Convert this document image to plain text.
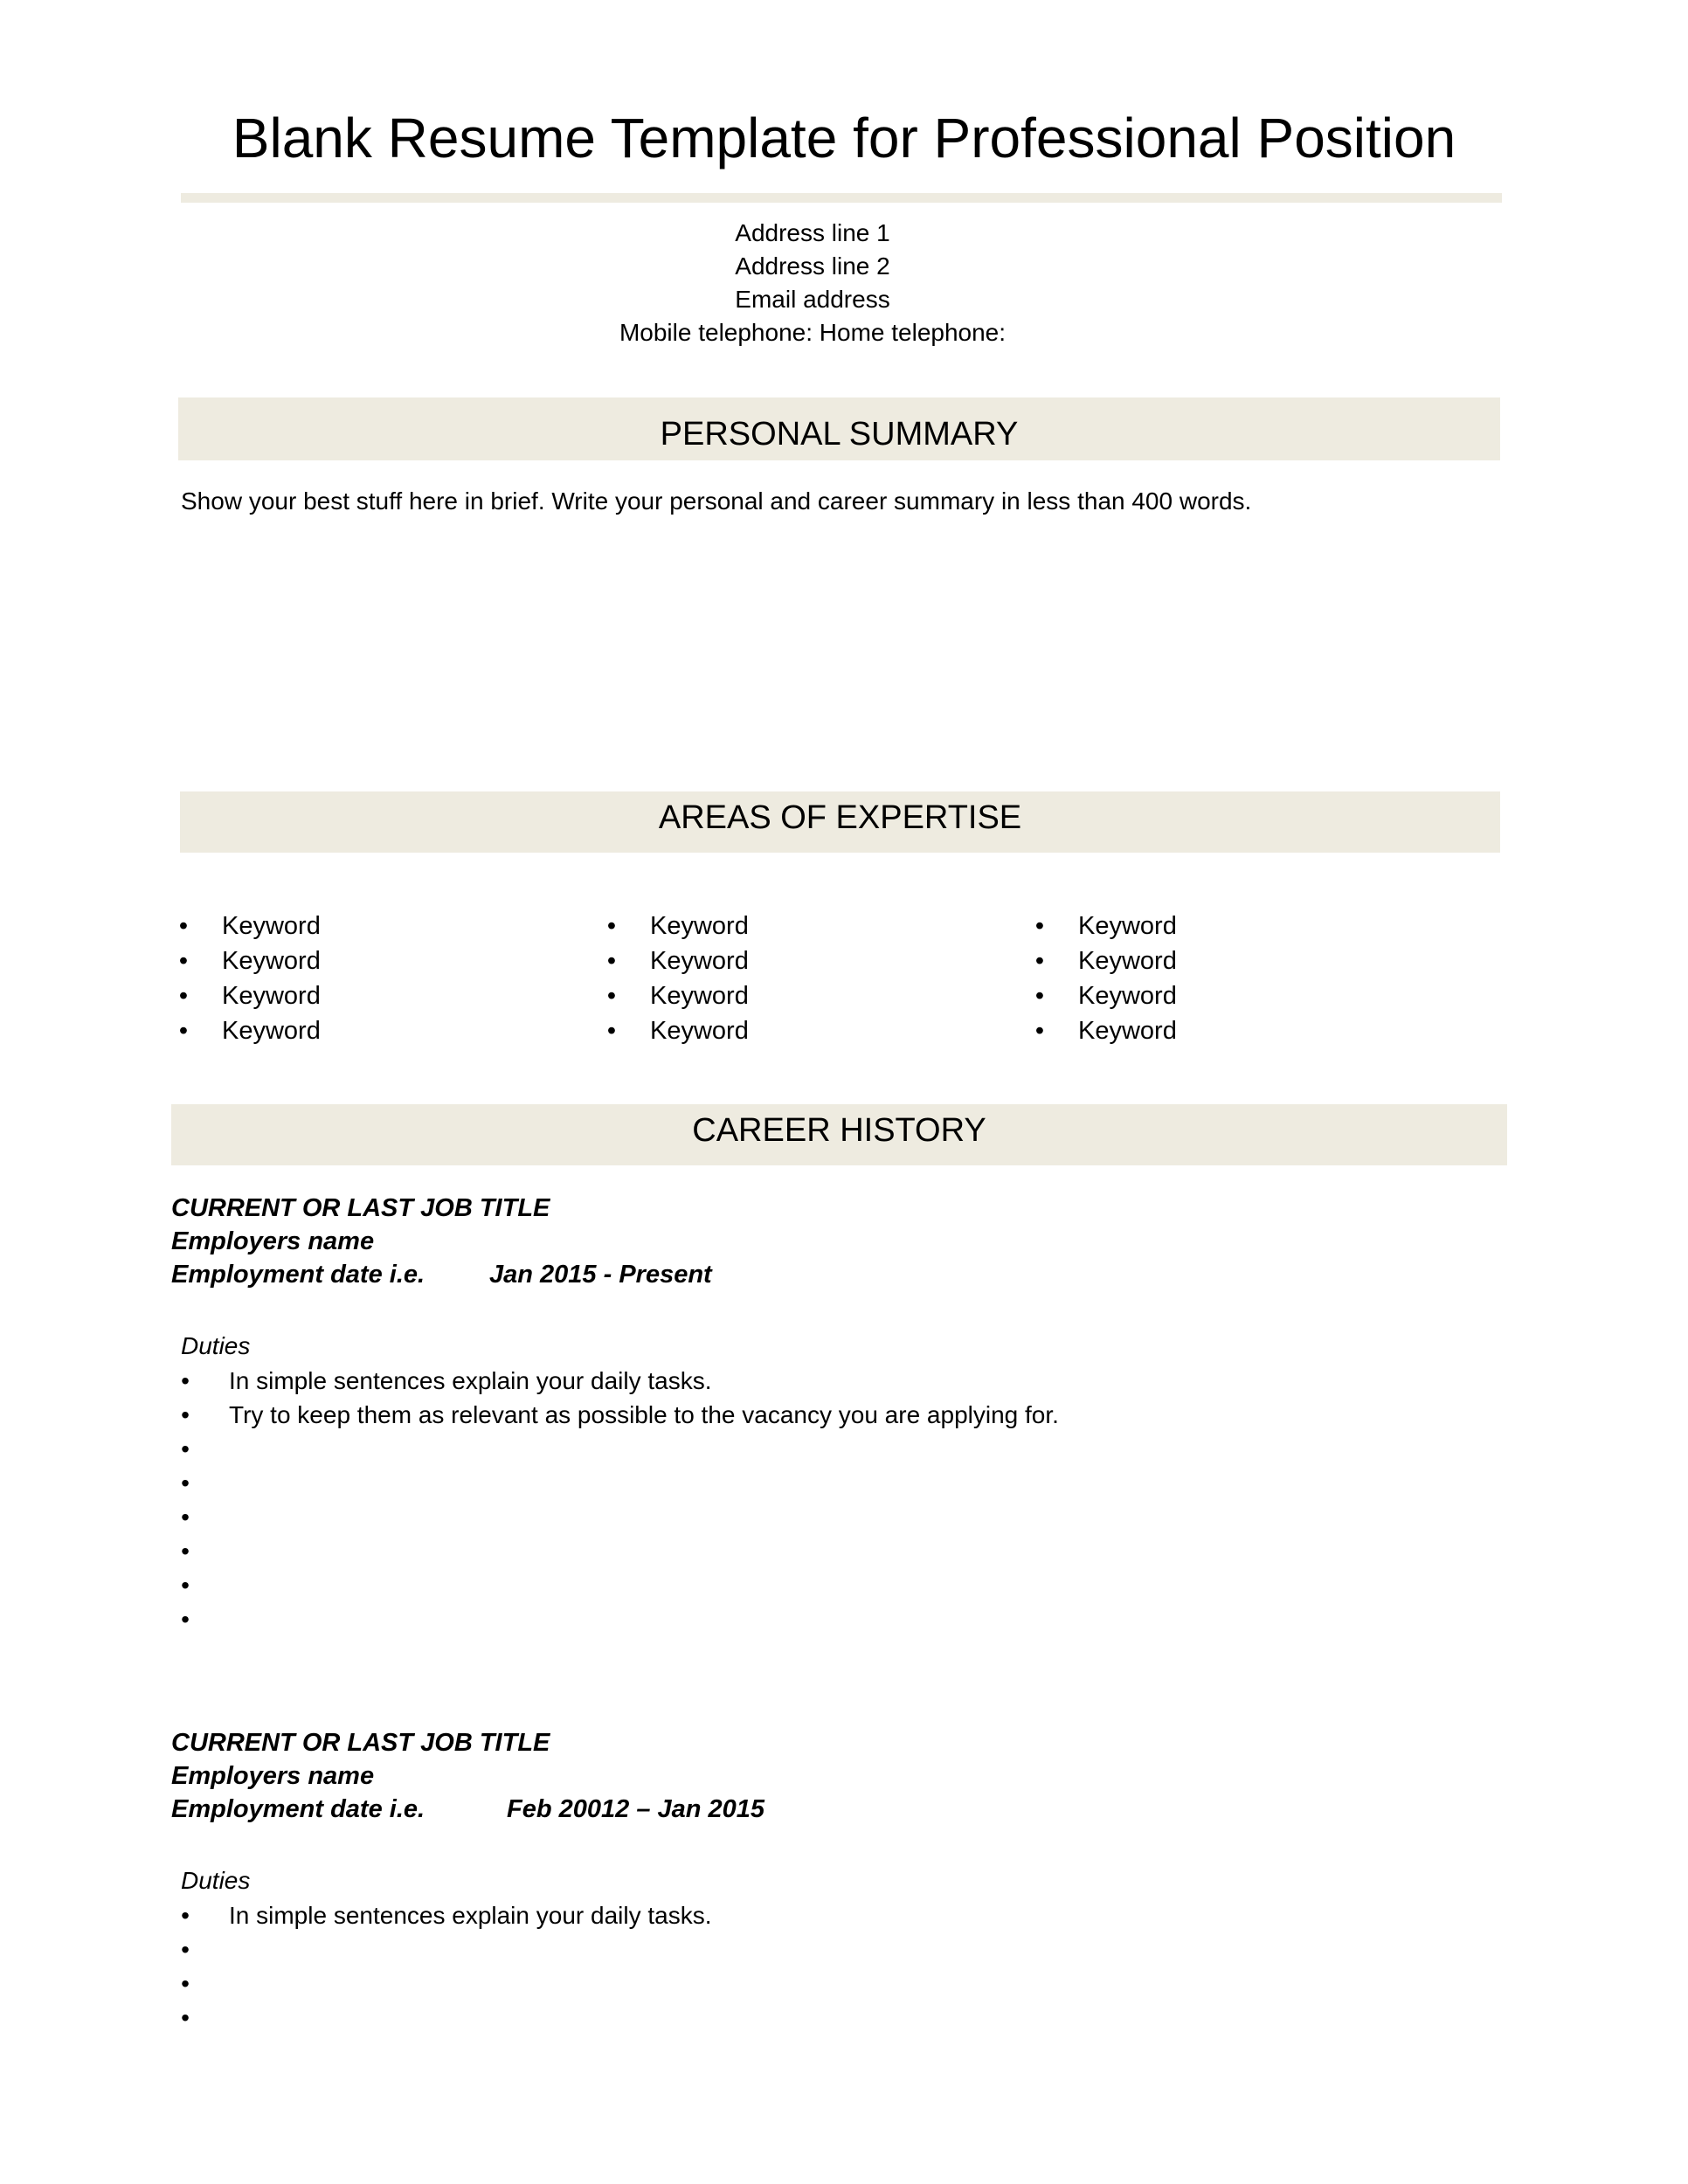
Blank Resume Template for Professional Position
Address line 1
Address line 2
Email address
Mobile telephone: Home telephone:
PERSONAL SUMMARY
Show your best stuff here in brief. Write your personal and career summary in less than 400 words.
AREAS OF EXPERTISE
• Keyword
• Keyword
• Keyword
• Keyword
• Keyword
• Keyword
• Keyword
• Keyword
• Keyword
• Keyword
• Keyword
• Keyword
CAREER HISTORY
CURRENT OR LAST JOB TITLE
Employers name
Employment date i.e.	Jan 2015 - Present
Duties
• In simple sentences explain your daily tasks.
• Try to keep them as relevant as possible to the vacancy you are applying for.
•
•
•
•
•
•
CURRENT OR LAST JOB TITLE
Employers name
Employment date i.e.	Feb 20012 – Jan 2015
Duties
• In simple sentences explain your daily tasks.
•
•
•
